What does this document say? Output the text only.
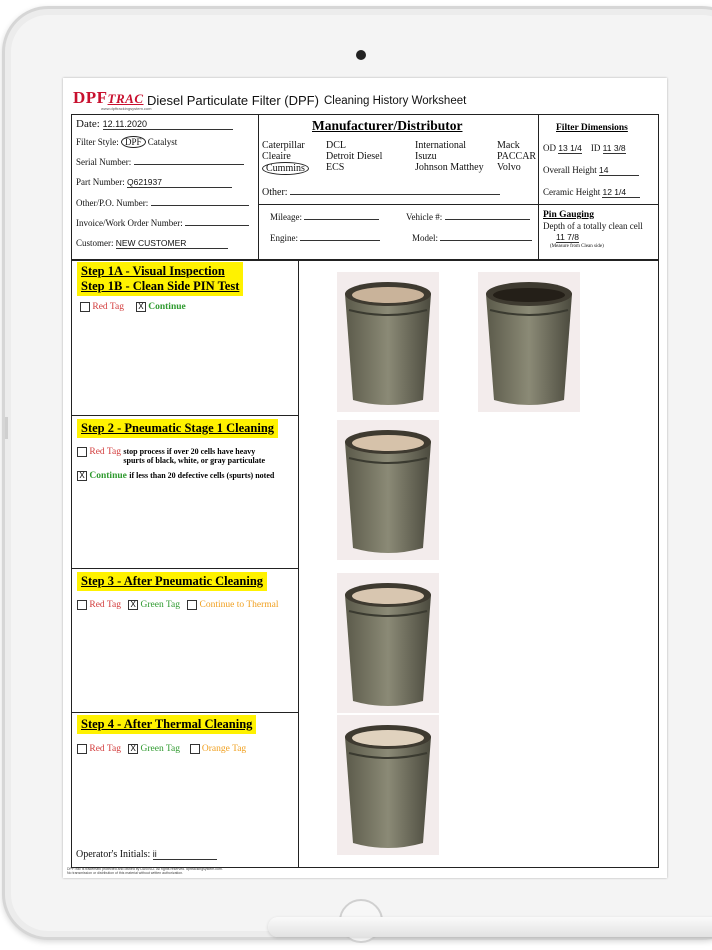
DPFTRAC
www.dpftrackingsystem.com
Diesel Particulate Filter (DPF) Cleaning History Worksheet
Date: 12.11.2020
Filter Style: DPF Catalyst
Serial Number:
Part Number: Q621937
Other/P.O. Number:
Invoice/Work Order Number:
Customer: NEW CUSTOMER
Manufacturer/Distributor
Caterpillar
Cleaire
Cummins
DCL
Detroit Diesel
ECS
International
Isuzu
Johnson Matthey
Mack
PACCAR
Volvo
Other:
Mileage:	Vehicle #:
Engine:	Model:
Filter Dimensions
OD 13 1/4 ID 11 3/8
Overall Height 14
Ceramic Height 12 1/4
Pin Gauging
Depth of a totally clean cell
11 7/8
(Measure from Clean side)
Step 1A - Visual Inspection
Step 1B - Clean Side PIN Test
Red Tag X Continue
Step 2 - Pneumatic Stage 1 Cleaning
Red Tag stop process if over 20 cells have heavy
spurts of black, white, or gray particulate
X Continue if less than 20 defective cells (spurts) noted
Step 3 - After Pneumatic Cleaning
Red Tag X Green Tag Continue to Thermal
Step 4 - After Thermal Cleaning
Red Tag X Green Tag Orange Tag
Operator's Initials: ii
DPFTrac is trademark protected and owned by DAVINCI. All rights reserved. dpftrackingsystem.com.
No transmission or distribution of this material without written authorization.
